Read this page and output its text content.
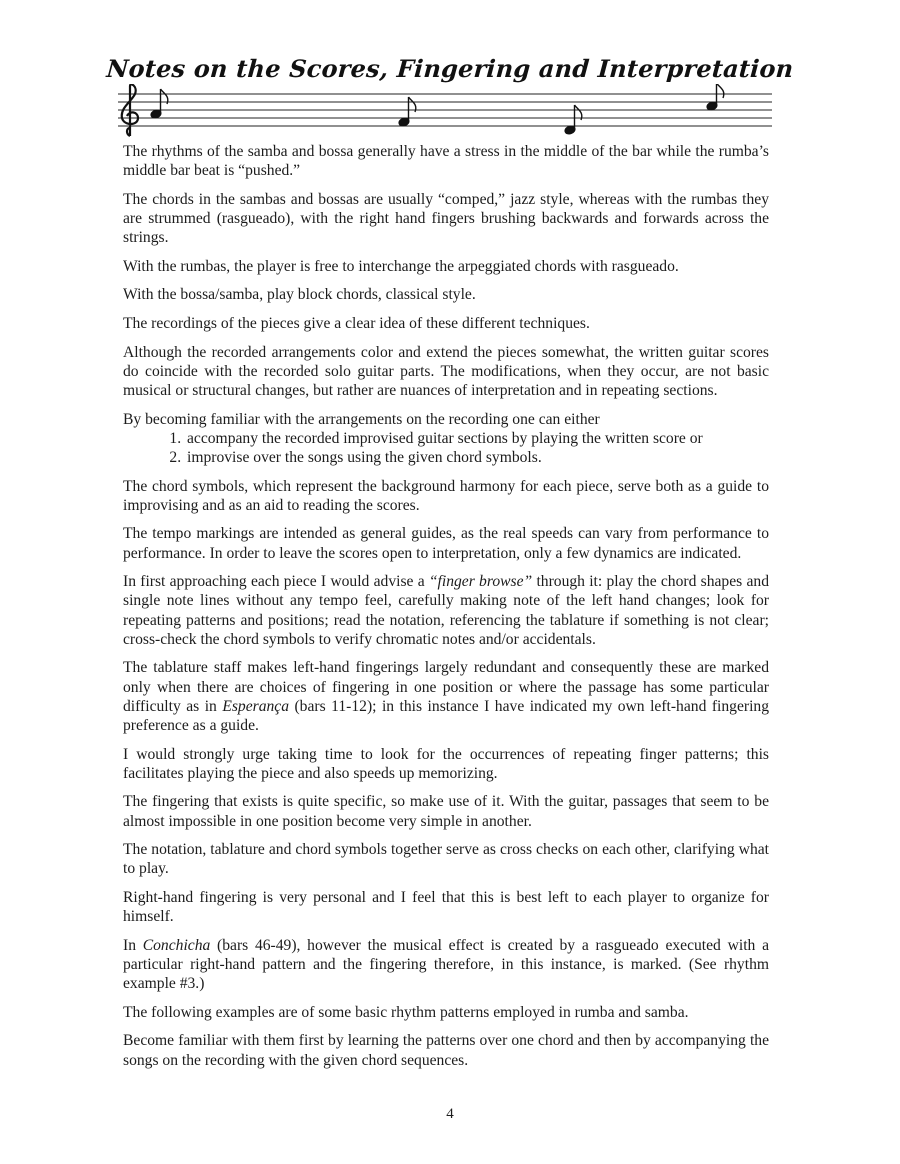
Notes on the Scores, Fingering and Interpretation

The rhythms of the samba and bossa generally have a stress in the middle of the bar while the rumba’s middle bar beat is “pushed.”

The chords in the sambas and bossas are usually “comped,” jazz style, whereas with the rumbas they are strummed (rasgueado), with the right hand fingers brushing backwards and forwards across the strings.

With the rumbas, the player is free to interchange the arpeggiated chords with rasgueado.

With the bossa/samba, play block chords, classical style.

The recordings of the pieces give a clear idea of these different techniques.

Although the recorded arrangements color and extend the pieces somewhat, the written guitar scores do coincide with the recorded solo guitar parts. The modifications, when they occur, are not basic musical or structural changes, but rather are nuances of interpretation and in repeating sections.

By becoming familiar with the arrangements on the recording one can either

1. accompany the recorded improvised guitar sections by playing the written score or
2. improvise over the songs using the given chord symbols.

The chord symbols, which represent the background harmony for each piece, serve both as a guide to improvising and as an aid to reading the scores.

The tempo markings are intended as general guides, as the real speeds can vary from performance to performance. In order to leave the scores open to interpretation, only a few dynamics are indicated.

In first approaching each piece I would advise a “finger browse” through it: play the chord shapes and single note lines without any tempo feel, carefully making note of the left hand changes; look for repeating patterns and positions; read the notation, referencing the tablature if something is not clear; cross-check the chord symbols to verify chromatic notes and/or accidentals.

The tablature staff makes left-hand fingerings largely redundant and consequently these are marked only when there are choices of fingering in one position or where the passage has some particular difficulty as in Esperança (bars 11-12); in this instance I have indicated my own left-hand fingering preference as a guide.

I would strongly urge taking time to look for the occurrences of repeating finger patterns; this facilitates playing the piece and also speeds up memorizing.

The fingering that exists is quite specific, so make use of it. With the guitar, passages that seem to be almost impossible in one position become very simple in another.

The notation, tablature and chord symbols together serve as cross checks on each other, clarifying what to play.

Right-hand fingering is very personal and I feel that this is best left to each player to organize for himself.

In Conchicha (bars 46-49), however the musical effect is created by a rasgueado executed with a particular right-hand pattern and the fingering therefore, in this instance, is marked. (See rhythm example #3.)

The following examples are of some basic rhythm patterns employed in rumba and samba.

Become familiar with them first by learning the patterns over one chord and then by accompanying the songs on the recording with the given chord sequences.

4
